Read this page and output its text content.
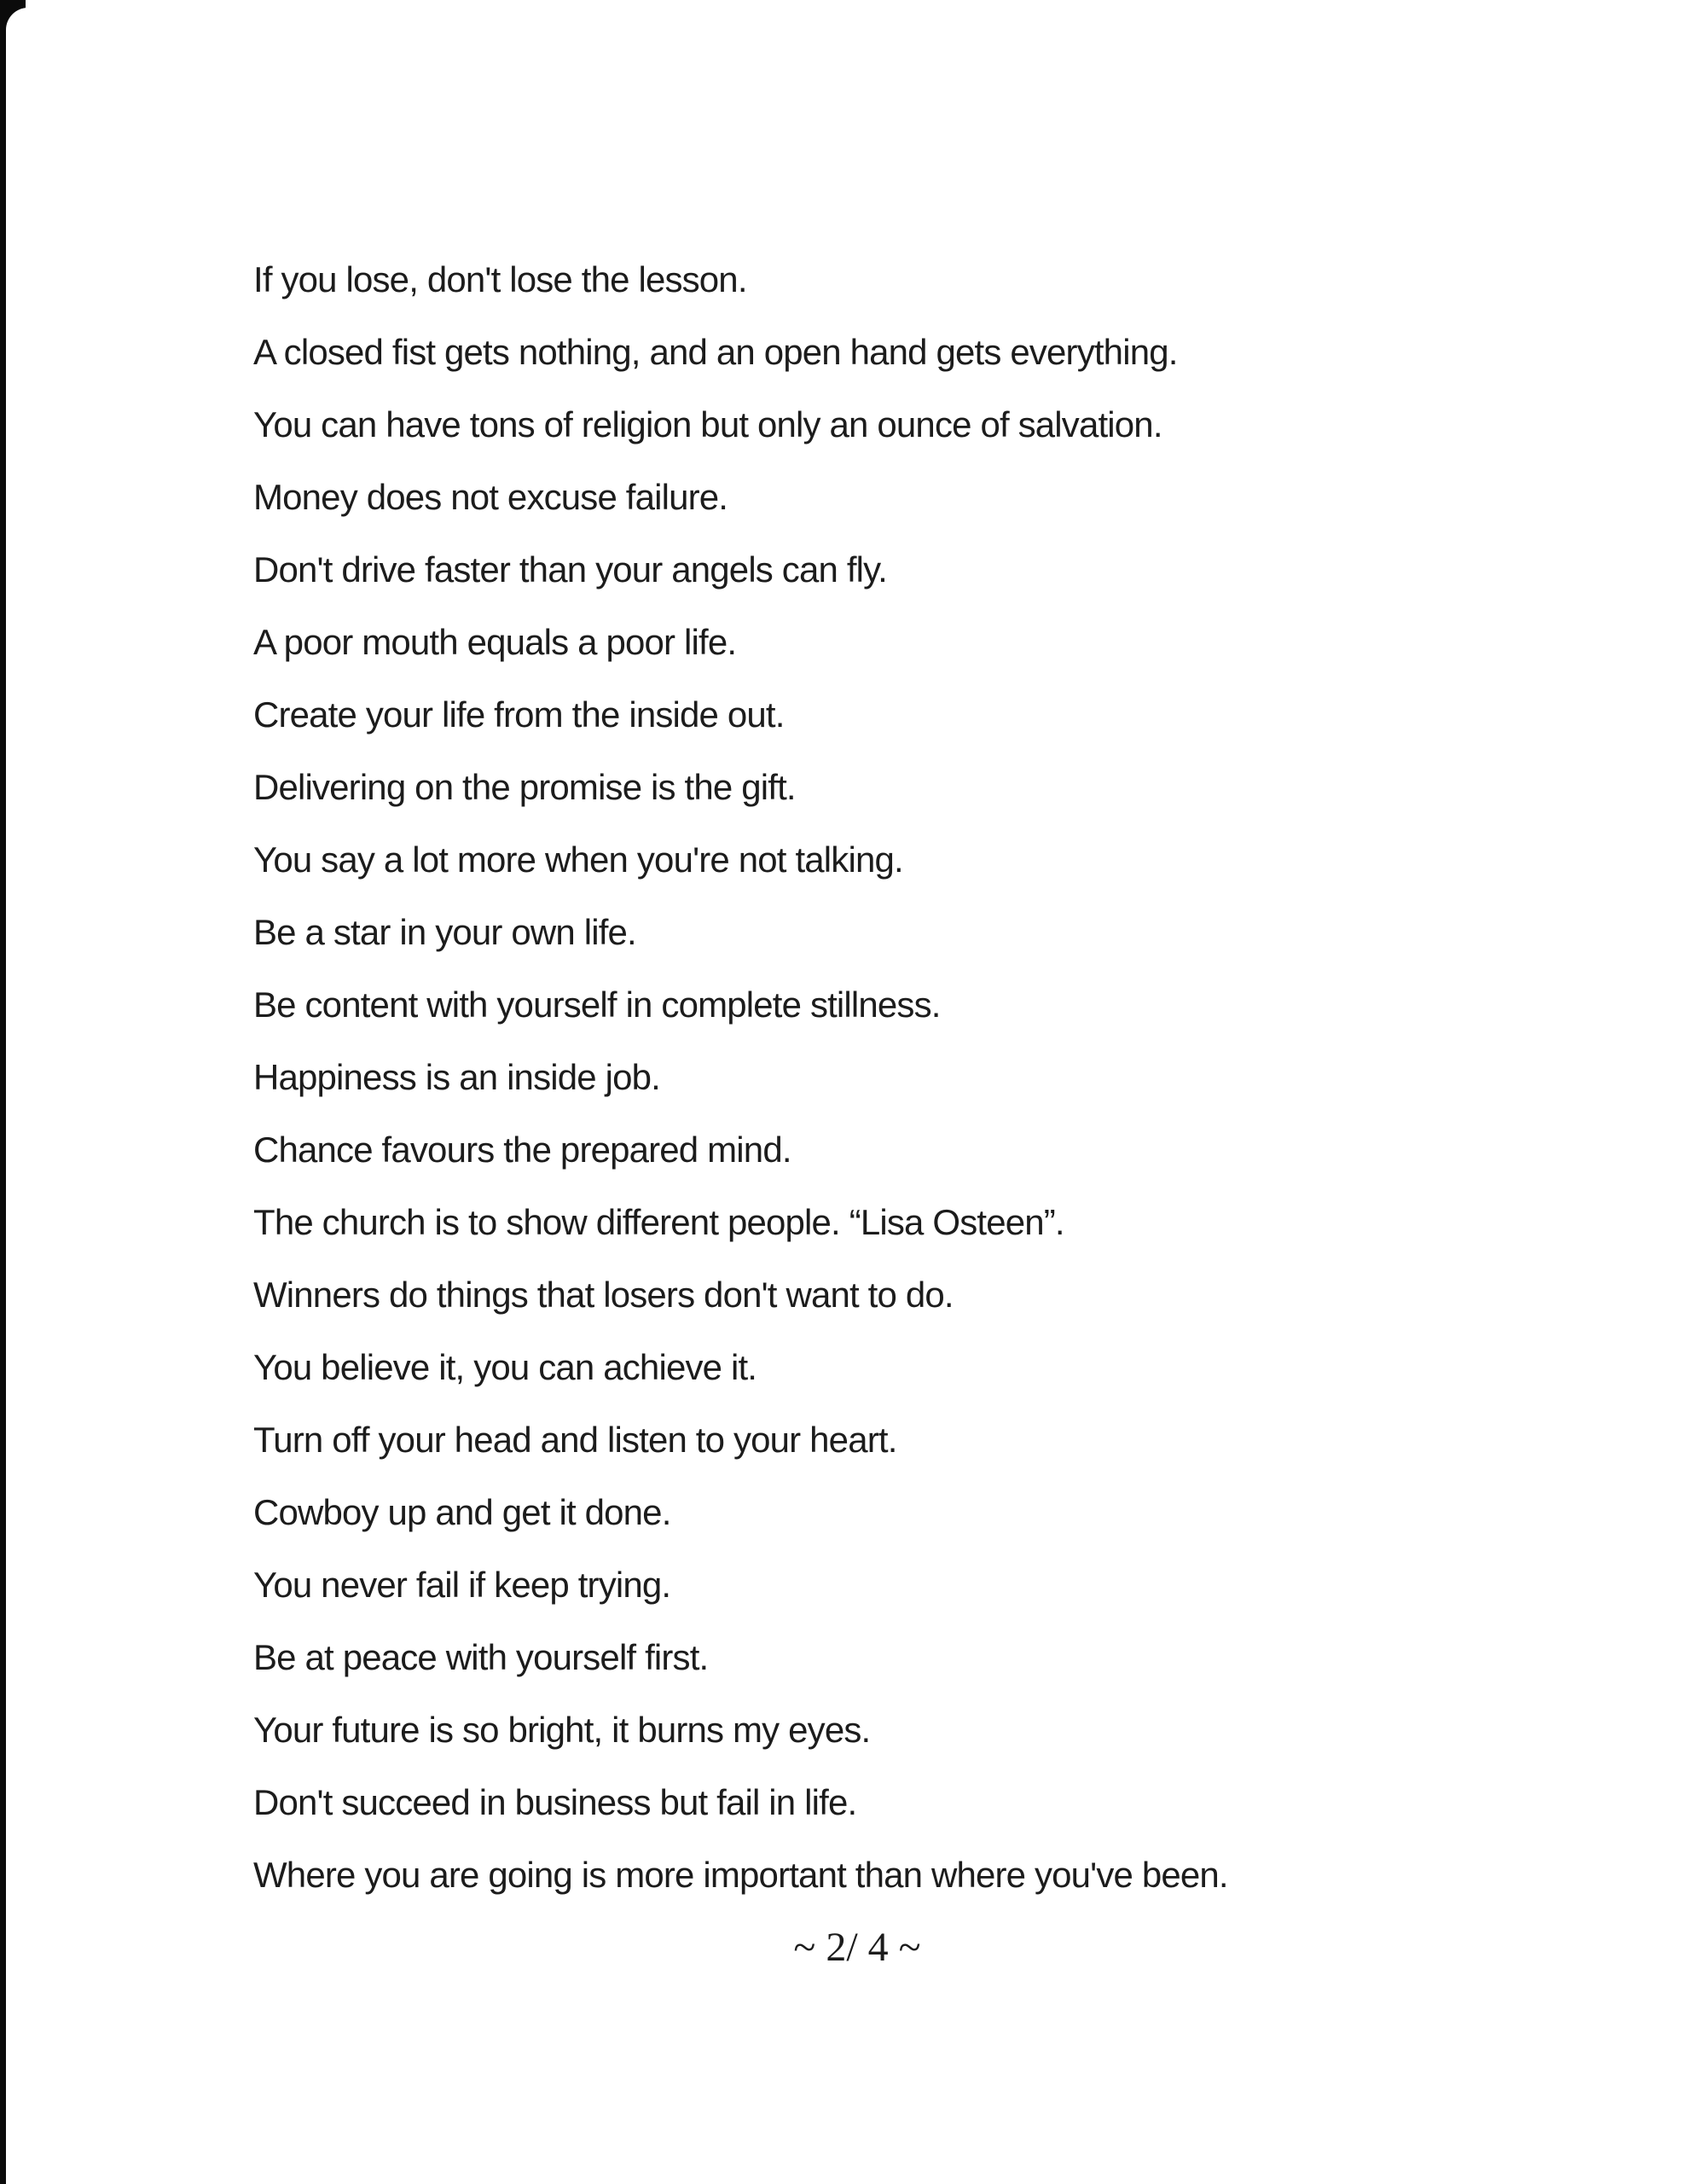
If you lose, don't lose the lesson.

A closed fist gets nothing, and an open hand gets everything.

You can have tons of religion but only an ounce of salvation.

Money does not excuse failure.

Don't drive faster than your angels can fly.

A poor mouth equals a poor life.

Create your life from the inside out.

Delivering on the promise is the gift.

You say a lot more when you're not talking.

Be a star in your own life.

Be content with yourself in complete stillness.

Happiness is an inside job.

Chance favours the prepared mind.

The church is to show different people. “Lisa Osteen”.

Winners do things that losers don't want to do.

You believe it, you can achieve it.

Turn off your head and listen to your heart.

Cowboy up and get it done.

You never fail if keep trying.

Be at peace with yourself first.

Your future is so bright, it burns my eyes.

Don't succeed in business but fail in life.

Where you are going is more important than where you've been.

~ 2/ 4 ~
